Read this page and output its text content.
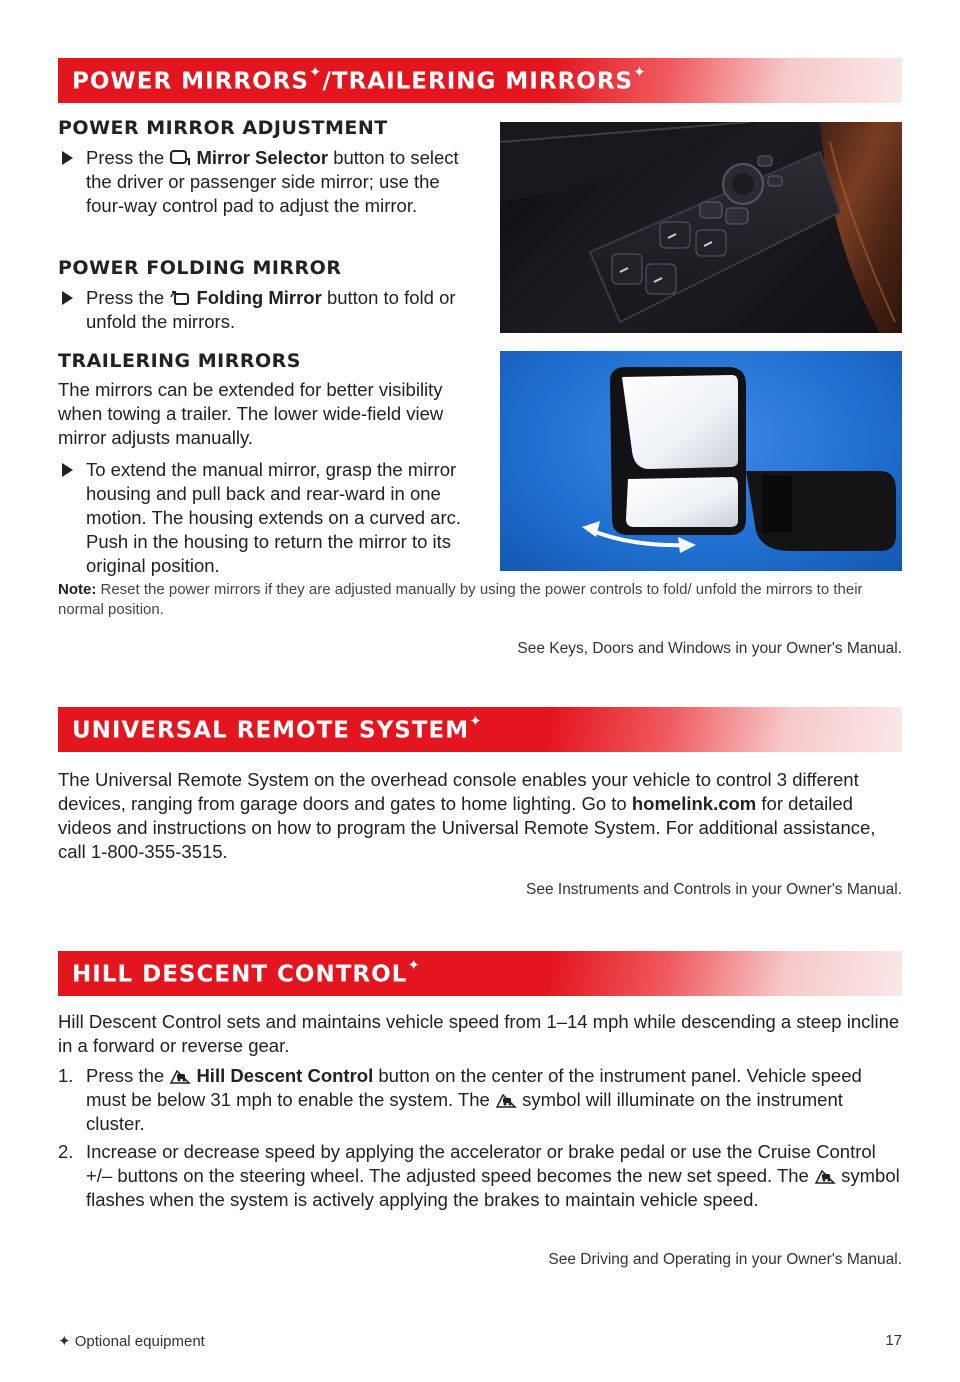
POWER MIRRORS✦/TRAILERING MIRRORS✦
POWER MIRROR ADJUSTMENT
Press the Mirror Selector button to select the driver or passenger side mirror; use the four-way control pad to adjust the mirror.
POWER FOLDING MIRROR
Press the Folding Mirror button to fold or unfold the mirrors.
TRAILERING MIRRORS
The mirrors can be extended for better visibility when towing a trailer. The lower wide-field view mirror adjusts manually.
To extend the manual mirror, grasp the mirror housing and pull back and rear-ward in one motion. The housing extends on a curved arc. Push in the housing to return the mirror to its original position.
Note: Reset the power mirrors if they are adjusted manually by using the power controls to fold/ unfold the mirrors to their normal position.
See Keys, Doors and Windows in your Owner's Manual.
UNIVERSAL REMOTE SYSTEM✦
The Universal Remote System on the overhead console enables your vehicle to control 3 different devices, ranging from garage doors and gates to home lighting. Go to homelink.com for detailed videos and instructions on how to program the Universal Remote System. For additional assistance, call 1-800-355-3515.
See Instruments and Controls in your Owner's Manual.
HILL DESCENT CONTROL✦
Hill Descent Control sets and maintains vehicle speed from 1–14 mph while descending a steep incline in a forward or reverse gear.
1. Press the Hill Descent Control button on the center of the instrument panel. Vehicle speed must be below 31 mph to enable the system. The symbol will illuminate on the instrument cluster.
2. Increase or decrease speed by applying the accelerator or brake pedal or use the Cruise Control +/– buttons on the steering wheel. The adjusted speed becomes the new set speed. The symbol flashes when the system is actively applying the brakes to maintain vehicle speed.
See Driving and Operating in your Owner's Manual.
✦ Optional equipment	17
